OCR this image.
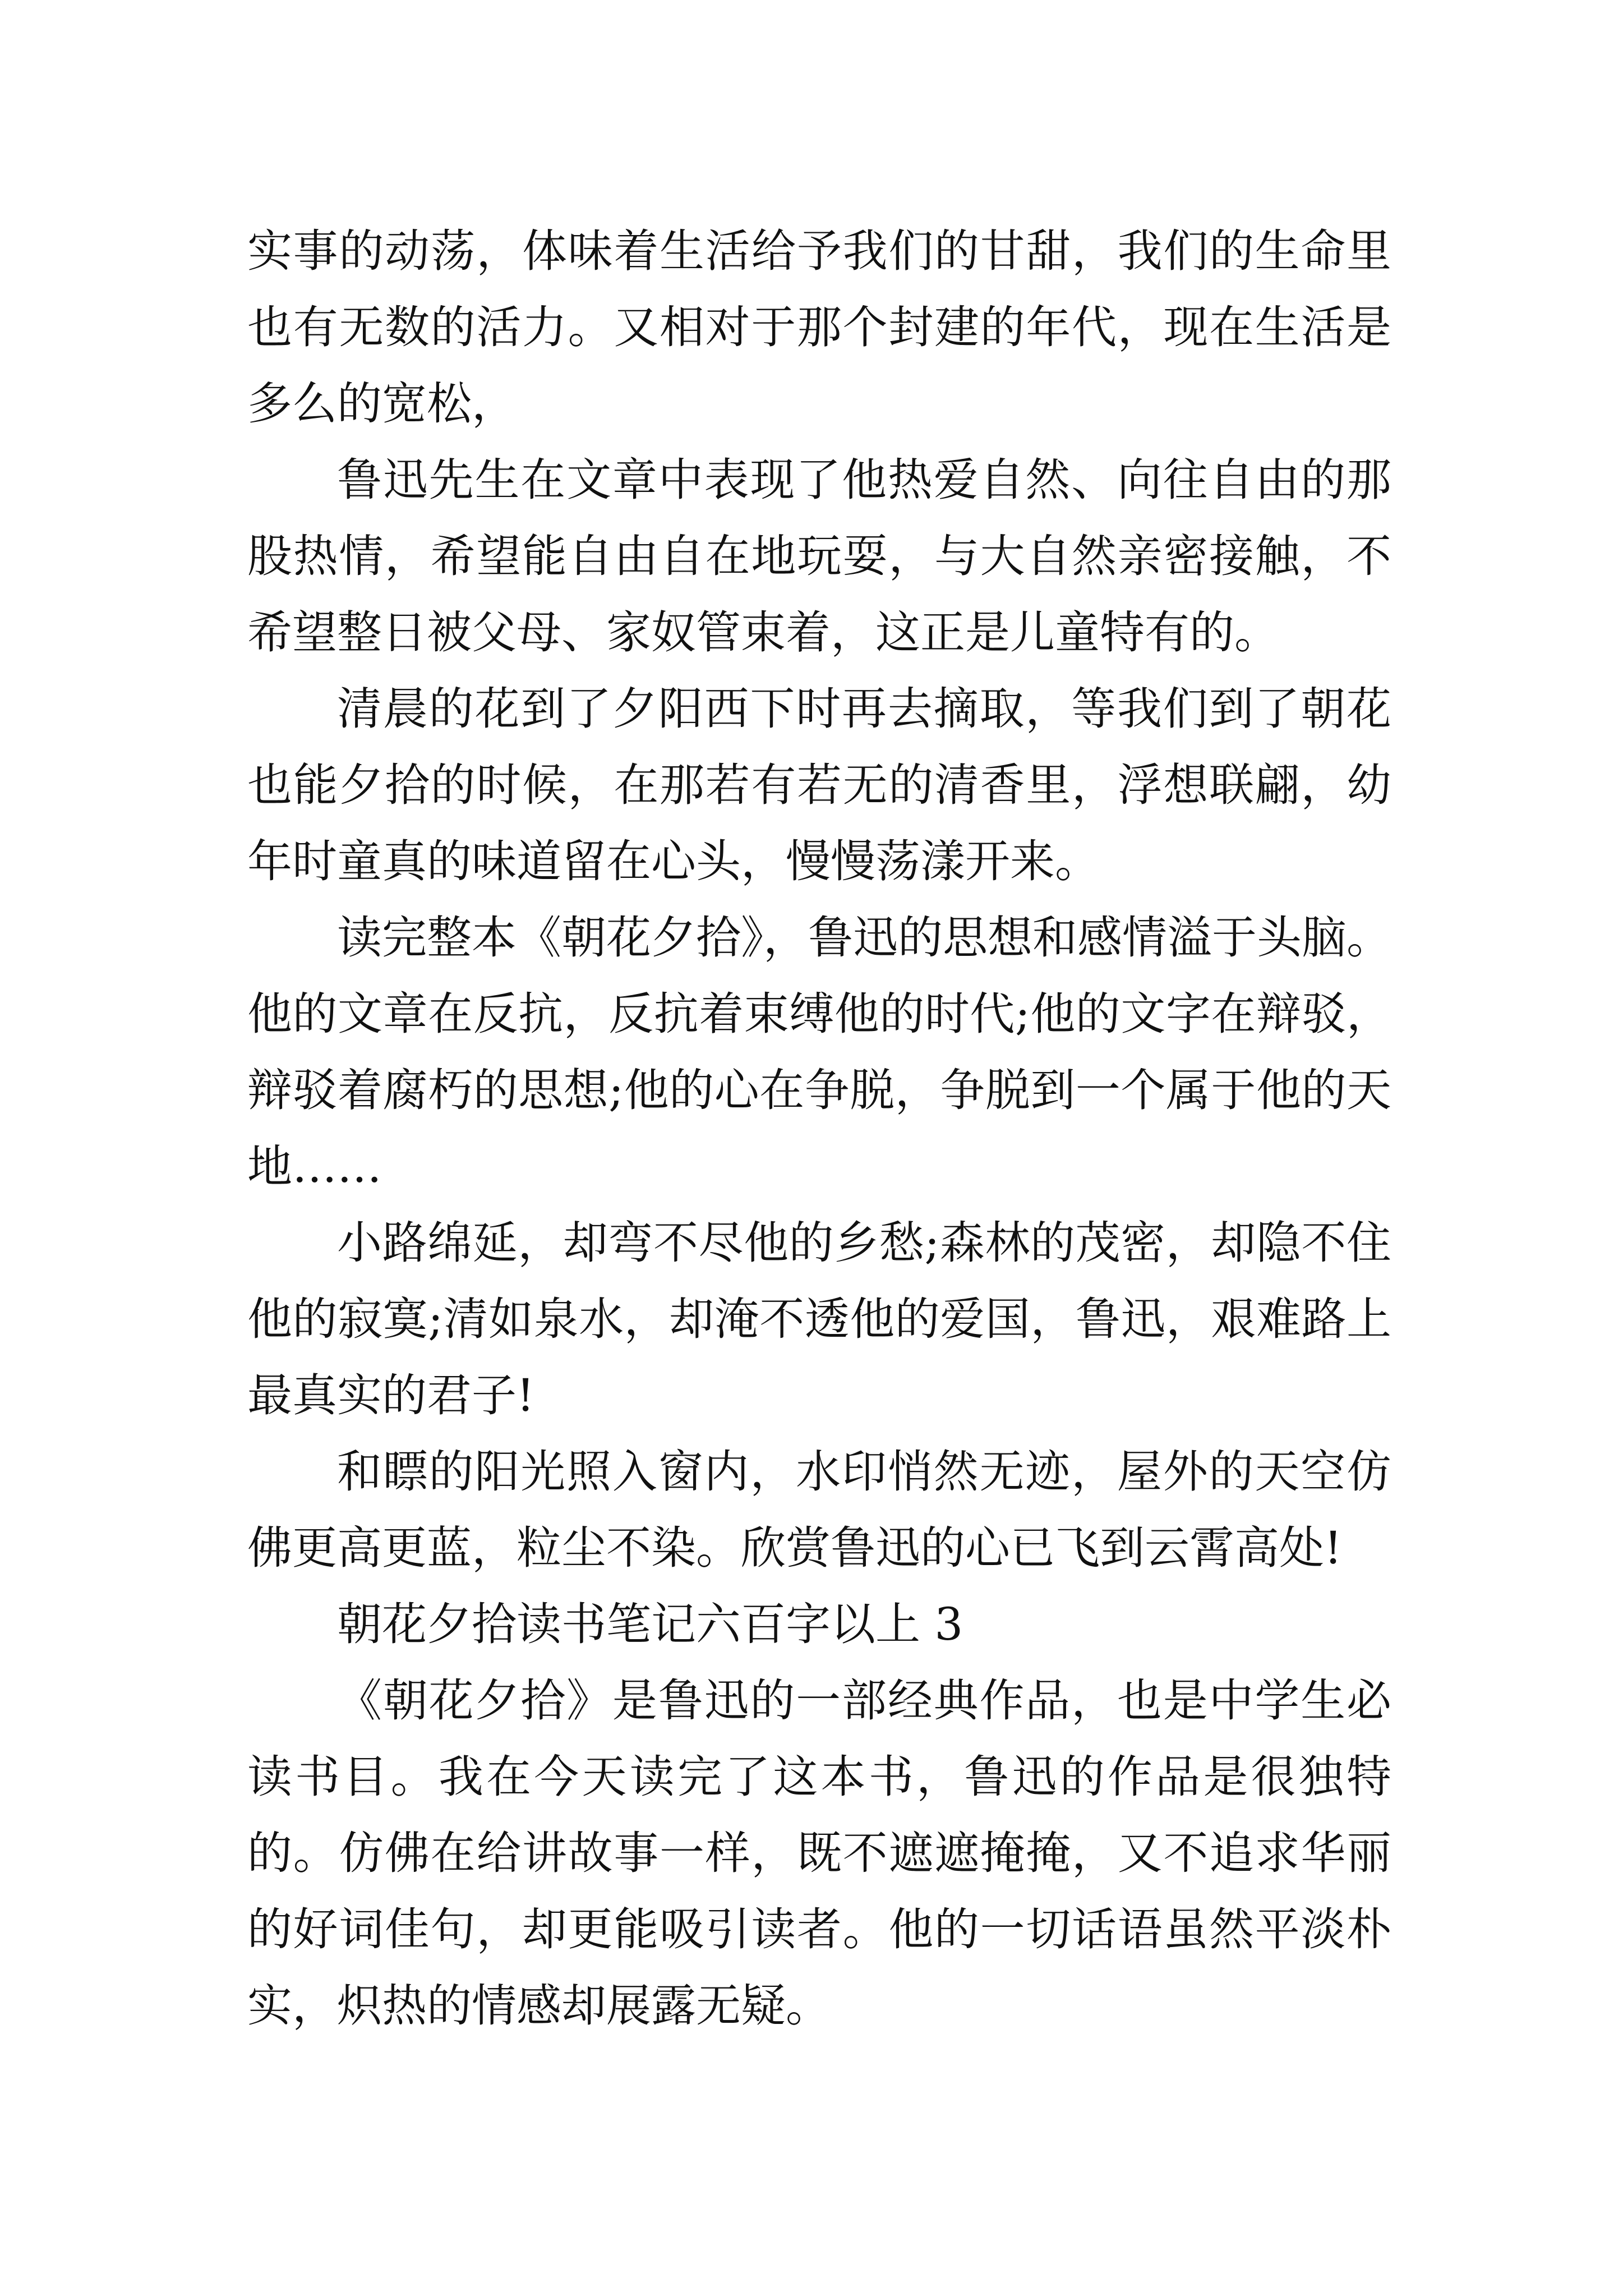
实事的动荡，体味着生活给予我们的甘甜，我们的生命里也有无数的活力。又相对于那个封建的年代，现在生活是多么的宽松，

鲁迅先生在文章中表现了他热爱自然、向往自由的那股热情，希望能自由自在地玩耍，与大自然亲密接触，不希望整日被父母、家奴管束着，这正是儿童特有的。

清晨的花到了夕阳西下时再去摘取，等我们到了朝花也能夕拾的时候，在那若有若无的清香里，浮想联翩，幼年时童真的味道留在心头，慢慢荡漾开来。

读完整本《朝花夕拾》，鲁迅的思想和感情溢于头脑。他的文章在反抗，反抗着束缚他的时代;他的文字在辩驳，辩驳着腐朽的思想;他的心在争脱，争脱到一个属于他的天地……

小路绵延，却弯不尽他的乡愁;森林的茂密，却隐不住他的寂寞;清如泉水，却淹不透他的爱国，鲁迅，艰难路上最真实的君子!

和瞟的阳光照入窗内，水印悄然无迹，屋外的天空仿佛更高更蓝，粒尘不染。欣赏鲁迅的心已飞到云霄高处!

朝花夕拾读书笔记六百字以上 3

《朝花夕拾》是鲁迅的一部经典作品，也是中学生必读书目。我在今天读完了这本书，鲁迅的作品是很独特的。仿佛在给讲故事一样，既不遮遮掩掩，又不追求华丽的好词佳句，却更能吸引读者。他的一切话语虽然平淡朴实，炽热的情感却展露无疑。
